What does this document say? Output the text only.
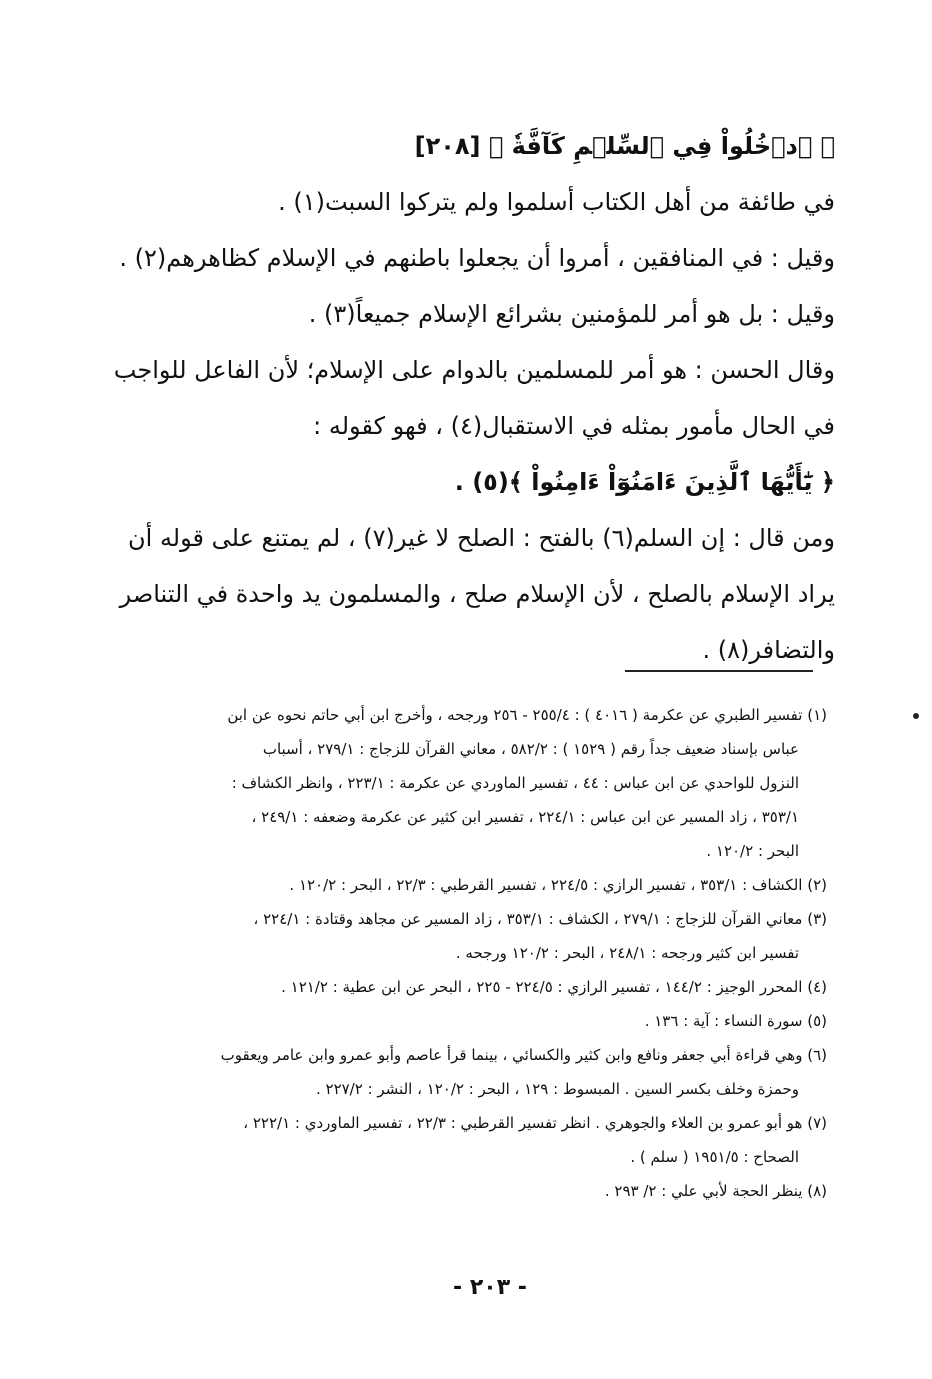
﴿ ٱدۡخُلُواْ فِي ٱلسِّلۡمِ كَآفَّةٗ ﴾ [٢٠٨]
في طائفة من أهل الكتاب أسلموا ولم يتركوا السبت(١) .
وقيل : في المنافقين ، أمروا أن يجعلوا باطنهم في الإسلام كظاهرهم(٢) .
وقيل : بل هو أمر للمؤمنين بشرائع الإسلام جميعاً(٣) .
وقال الحسن : هو أمر للمسلمين بالدوام على الإسلام؛ لأن الفاعل للواجب
في الحال مأمور بمثله في الاستقبال(٤) ، فهو كقوله :
﴿ يَٰٓأَيُّهَا ٱلَّذِينَ ءَامَنُوٓاْ ءَامِنُواْ ﴾(٥) .
ومن قال : إن السلم(٦) بالفتح : الصلح لا غير(٧) ، لم يمتنع على قوله أن
يراد الإسلام بالصلح ، لأن الإسلام صلح ، والمسلمون يد واحدة في التناصر
والتضافر(٨) .
(١) تفسير الطبري عن عكرمة ( ٤٠١٦ ) : ٢٥٥/٤ - ٢٥٦ ورجحه ، وأخرج ابن أبي حاتم نحوه عن ابن
عباس بإسناد ضعيف جداً رقم ( ١٥٢٩ ) : ٥٨٢/٢ ، معاني القرآن للزجاج : ٢٧٩/١ ، أسباب
النزول للواحدي عن ابن عباس : ٤٤ ، تفسير الماوردي عن عكرمة : ٢٢٣/١ ، وانظر الكشاف :
٣٥٣/١ ، زاد المسير عن ابن عباس : ٢٢٤/١ ، تفسير ابن كثير عن عكرمة وضعفه : ٢٤٩/١ ،
البحر : ١٢٠/٢ .
(٢) الكشاف : ٣٥٣/١ ، تفسير الرازي : ٢٢٤/٥ ، تفسير القرطبي : ٢٢/٣ ، البحر : ١٢٠/٢ .
(٣) معاني القرآن للزجاج : ٢٧٩/١ ، الكشاف : ٣٥٣/١ ، زاد المسير عن مجاهد وقتادة : ٢٢٤/١ ،
تفسير ابن كثير ورجحه : ٢٤٨/١ ، البحر : ١٢٠/٢ ورجحه .
(٤) المحرر الوجيز : ١٤٤/٢ ، تفسير الرازي : ٢٢٤/٥ - ٢٢٥ ، البحر عن ابن عطية : ١٢١/٢ .
(٥) سورة النساء : آية : ١٣٦ .
(٦) وهي قراءة أبي جعفر ونافع وابن كثير والكسائي ، بينما قرأ عاصم وأبو عمرو وابن عامر ويعقوب
وحمزة وخلف بكسر السين . المبسوط : ١٢٩ ، البحر : ١٢٠/٢ ، النشر : ٢٢٧/٢ .
(٧) هو أبو عمرو بن العلاء والجوهري . انظر تفسير القرطبي : ٢٢/٣ ، تفسير الماوردي : ٢٢٢/١ ،
الصحاح : ١٩٥١/٥ ( سلم ) .
(٨) ينظر الحجة لأبي علي : ٢/ ٢٩٣ .
- ٢٠٣ -
